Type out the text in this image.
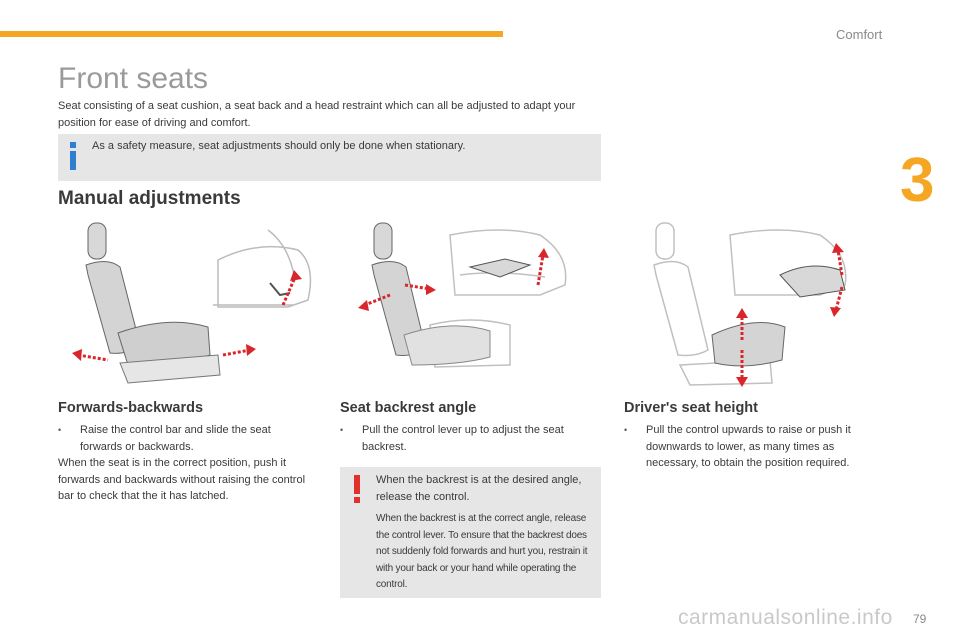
Comfort
3
Front seats
Seat consisting of a seat cushion, a seat back and a head restraint which can all be adjusted to adapt your position for ease of driving and comfort.
As a safety measure, seat adjustments should only be done when stationary.
Manual adjustments
Forwards-backwards
•	Raise the control bar and slide the seat forwards or backwards.
When the seat is in the correct position, push it forwards and backwards without raising the control bar to check that the it has latched.
Seat backrest angle
•	Pull the control lever up to adjust the seat backrest.
When the backrest is at the desired angle, release the control.
When the backrest is at the correct angle, release the control lever. To ensure that the backrest does not suddenly fold forwards and hurt you, restrain it with your back or your hand while operating the control.
Driver's seat height
•	Pull the control upwards to raise or push it downwards to lower, as many times as necessary, to obtain the position required.
carmanualsonline.info 79
